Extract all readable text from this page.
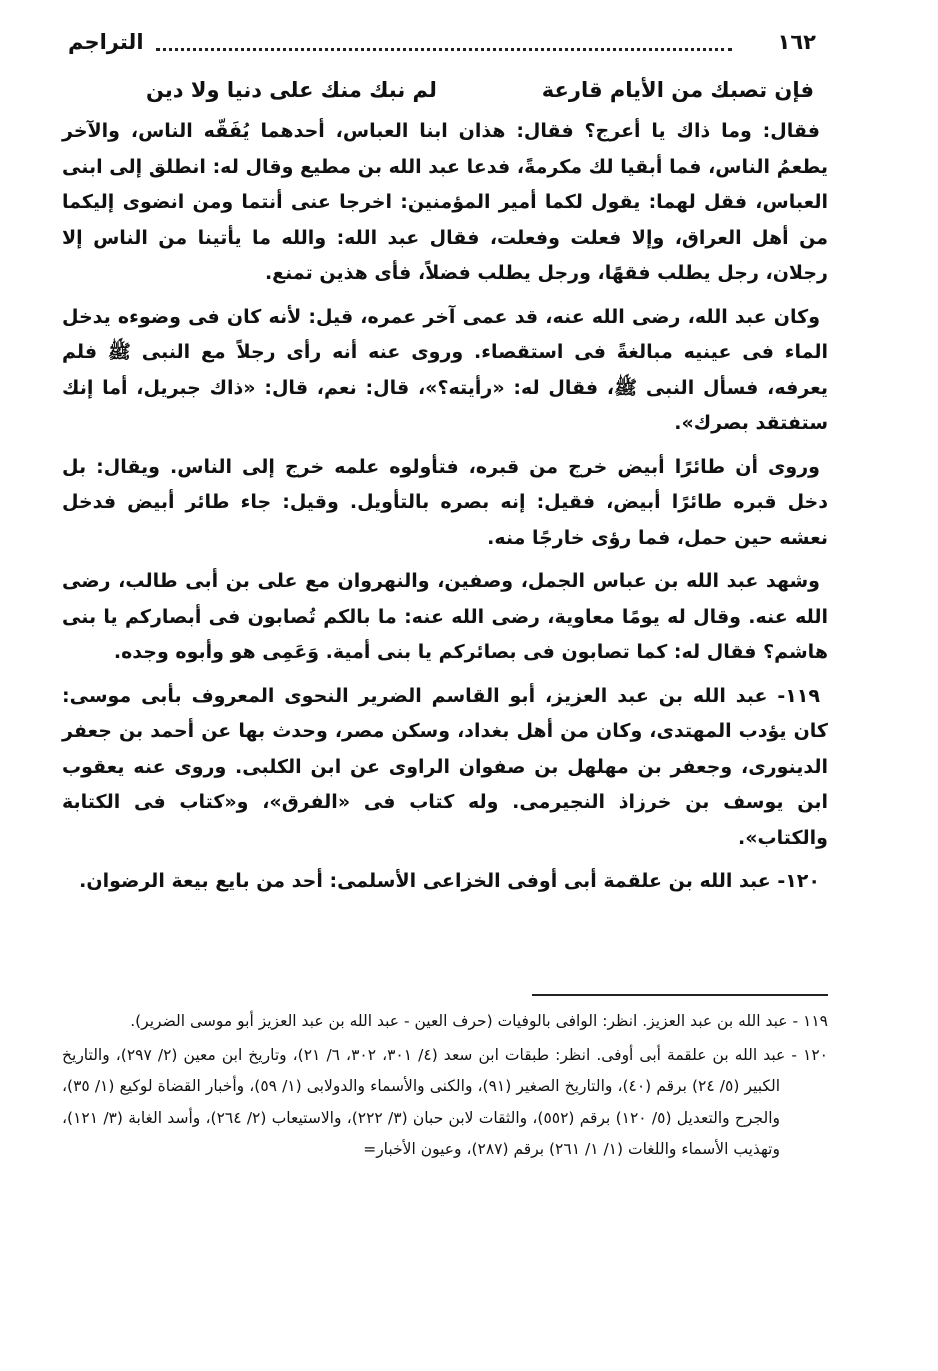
١٦٢
التراجم
فإن تصبك من الأيام قارعة
لم نبك منك على دنيا ولا دين

فقال: وما ذاك يا أعرج؟ فقال: هذان ابنا العباس، أحدهما يُفَقّه الناس، والآخر يطعمُ الناس، فما أبقيا لك مكرمةً، فدعا عبد الله بن مطيع وقال له: انطلق إلى ابنى العباس، فقل لهما: يقول لكما أمير المؤمنين: اخرجا عنى أنتما ومن انضوى إليكما من أهل العراق، وإلا فعلت وفعلت، فقال عبد الله: والله ما يأتينا من الناس إلا رجلان، رجل يطلب فقهًا، ورجل يطلب فضلاً، فأى هذين تمنع.

وكان عبد الله، رضى الله عنه، قد عمى آخر عمره، قيل: لأنه كان فى وضوءه يدخل الماء فى عينيه مبالغةً فى استقصاء. وروى عنه أنه رأى رجلاً مع النبى ﷺ فلم يعرفه، فسأل النبى ﷺ، فقال له: «رأيته؟»، قال: نعم، قال: «ذاك جبريل، أما إنك ستفتقد بصرك».

وروى أن طائرًا أبيض خرج من قبره، فتأولوه علمه خرج إلى الناس. ويقال: بل دخل قبره طائرًا أبيض، فقيل: إنه بصره بالتأويل. وقيل: جاء طائر أبيض فدخل نعشه حين حمل، فما رؤى خارجًا منه.

وشهد عبد الله بن عباس الجمل، وصفين، والنهروان مع على بن أبى طالب، رضى الله عنه. وقال له يومًا معاوية، رضى الله عنه: ما بالكم تُصابون فى أبصاركم يا بنى هاشم؟ فقال له: كما تصابون فى بصائركم يا بنى أمية. وَعَمِى هو وأبوه وجده.

١١٩- عبد الله بن عبد العزيز، أبو القاسم الضرير النحوى المعروف بأبى موسى: كان يؤدب المهتدى، وكان من أهل بغداد، وسكن مصر، وحدث بها عن أحمد بن جعفر الدينورى، وجعفر بن مهلهل بن صفوان الراوى عن ابن الكلبى. وروى عنه يعقوب ابن يوسف بن خرزاذ النجيرمى. وله كتاب فى «الفرق»، و«كتاب فى الكتابة والكتاب».

١٢٠- عبد الله بن علقمة أبى أوفى الخزاعى الأسلمى: أحد من بايع بيعة الرضوان.

١١٩ - عبد الله بن عبد العزيز. انظر: الوافى بالوفيات (حرف العين - عبد الله بن عبد العزيز أبو موسى الضرير).

١٢٠ - عبد الله بن علقمة أبى أوفى. انظر: طبقات ابن سعد (٤/ ٣٠١، ٣٠٢، ٦/ ٢١)، وتاريخ ابن معين (٢/ ٢٩٧)، والتاريخ الكبير (٥/ ٢٤) برقم (٤٠)، والتاريخ الصغير (٩١)، والكنى والأسماء والدولابى (١/ ٥٩)، وأخبار القضاة لوكيع (١/ ٣٥)، والجرح والتعديل (٥/ ١٢٠) برقم (٥٥٢)، والثقات لابن حبان (٣/ ٢٢٢)، والاستيعاب (٢/ ٢٦٤)، وأسد الغابة (٣/ ١٢١)، وتهذيب الأسماء واللغات (١/ ١/ ٢٦١) برقم (٢٨٧)، وعيون الأخبار=
